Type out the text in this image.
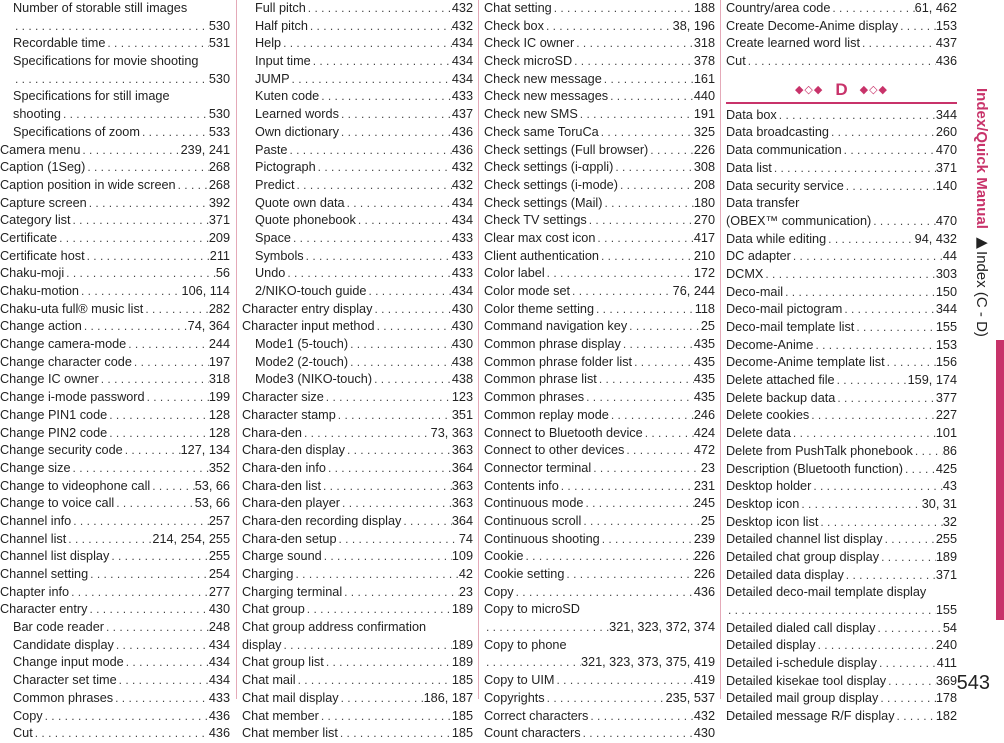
Number of storable still images
. . .
530
Recordable time . . .	531
Specifications for movie shooting
. . .
530
Specifications for still image
shooting . . .	530
Specifications of zoom . . .	533
Camera menu . . .	239, 241
Caption (1Seg) . . .	268
Caption position in wide screen . . .	268
Capture screen . . .	392
Category list . . .	371
Certificate . . .	209
Certificate host . . .	211
Chaku-moji . . .	56
Chaku-motion . . .	106, 114
Chaku-uta full® music list . . .	282
Change action . . .	74, 364
Change camera-mode . . .	244
Change character code . . .	197
Change IC owner . . .	318
Change i-mode password . . .	199
Change PIN1 code . . .	128
Change PIN2 code . . .	128
Change security code . . .	127, 134
Change size . . .	352
Change to videophone call . . .	53, 66
Change to voice call . . .	53, 66
Channel info . . .	257
Channel list . . .	214, 254, 255
Channel list display . . .	255
Channel setting . . .	254
Chapter info . . .	277
Character entry . . .	430
Bar code reader . . .	248
Candidate display . . .	434
Change input mode . . .	434
Character set time . . .	434
Common phrases . . .	433
Copy . . .	436
Cut . . .	436
Full pitch . . .	432
Half pitch . . .	432
Help . . .	434
Input time . . .	434
JUMP . . .	434
Kuten code . . .	433
Learned words . . .	437
Own dictionary . . .	436
Paste . . .	436
Pictograph . . .	432
Predict . . .	432
Quote own data . . .	434
Quote phonebook . . .	434
Space . . .	433
Symbols . . .	433
Undo . . .	433
2/NIKO-touch guide . . .	434
Character entry display . . .	430
Character input method . . .	430
Mode1 (5-touch) . . .	430
Mode2 (2-touch) . . .	438
Mode3 (NIKO-touch) . . .	438
Character size . . .	123
Character stamp . . .	351
Chara-den . . .	73, 363
Chara-den display . . .	363
Chara-den info . . .	364
Chara-den list . . .	363
Chara-den player . . .	363
Chara-den recording display . . .	364
Chara-den setup . . .	74
Charge sound . . .	109
Charging . . .	42
Charging terminal . . .	23
Chat group . . .	189
Chat group address confirmation
display . . .	189
Chat group list . . .	189
Chat mail . . .	185
Chat mail display . . .	186, 187
Chat member . . .	185
Chat member list . . .	185
Chat setting . . .	188
Check box . . .	38, 196
Check IC owner . . .	318
Check microSD . . .	378
Check new message . . .	161
Check new messages . . .	440
Check new SMS . . .	191
Check same ToruCa . . .	325
Check settings (Full browser) . . .	226
Check settings (i-αppli) . . .	308
Check settings (i-mode) . . .	208
Check settings (Mail) . . .	180
Check TV settings . . .	270
Clear max cost icon . . .	417
Client authentication . . .	210
Color label . . .	172
Color mode set . . .	76, 244
Color theme setting . . .	118
Command navigation key . . .	25
Common phrase display . . .	435
Common phrase folder list . . .	435
Common phrase list . . .	435
Common phrases . . .	435
Common replay mode . . .	246
Connect to Bluetooth device . . .	424
Connect to other devices . . .	472
Connector terminal . . .	23
Contents info . . .	231
Continuous mode . . .	245
Continuous scroll . . .	25
Continuous shooting . . .	239
Cookie . . .	226
Cookie setting . . .	226
Copy . . .	436
Copy to microSD
. . .
321, 323, 372, 374
Copy to phone
. . .
321, 323, 373, 375, 419
Copy to UIM . . .	419
Copyrights . . .	235, 537
Correct characters . . .	432
Count characters . . .	430
Country/area code . . .	61, 462
Create Decome-Anime display . . .	153
Create learned word list . . .	437
Cut . . .	436
◆◇◆ D ◆◇◆
Data box . . .	344
Data broadcasting . . .	260
Data communication . . .	470
Data list . . .	371
Data security service . . .	140
Data transfer
(OBEX™ communication) . . .	470
Data while editing . . .	94, 432
DC adapter . . .	44
DCMX . . .	303
Deco-mail . . .	150
Deco-mail pictogram . . .	344
Deco-mail template list . . .	155
Decome-Anime . . .	153
Decome-Anime template list . . .	156
Delete attached file . . .	159, 174
Delete backup data . . .	377
Delete cookies . . .	227
Delete data . . .	101
Delete from PushTalk phonebook . . . 86
Description (Bluetooth function) . . .	425
Desktop holder . . .	43
Desktop icon . . .	30, 31
Desktop icon list . . .	32
Detailed channel list display . . .	255
Detailed chat group display . . .	189
Detailed data display . . .	371
Detailed deco-mail template display
. . .
155
Detailed dialed call display . . .	54
Detailed display . . .	240
Detailed i-schedule display . . .	411
Detailed kisekae tool display . . .	369
Detailed mail group display . . .	178
Detailed message R/F display . . .	182
Index/Quick Manual ▶Index (C - D)
543
